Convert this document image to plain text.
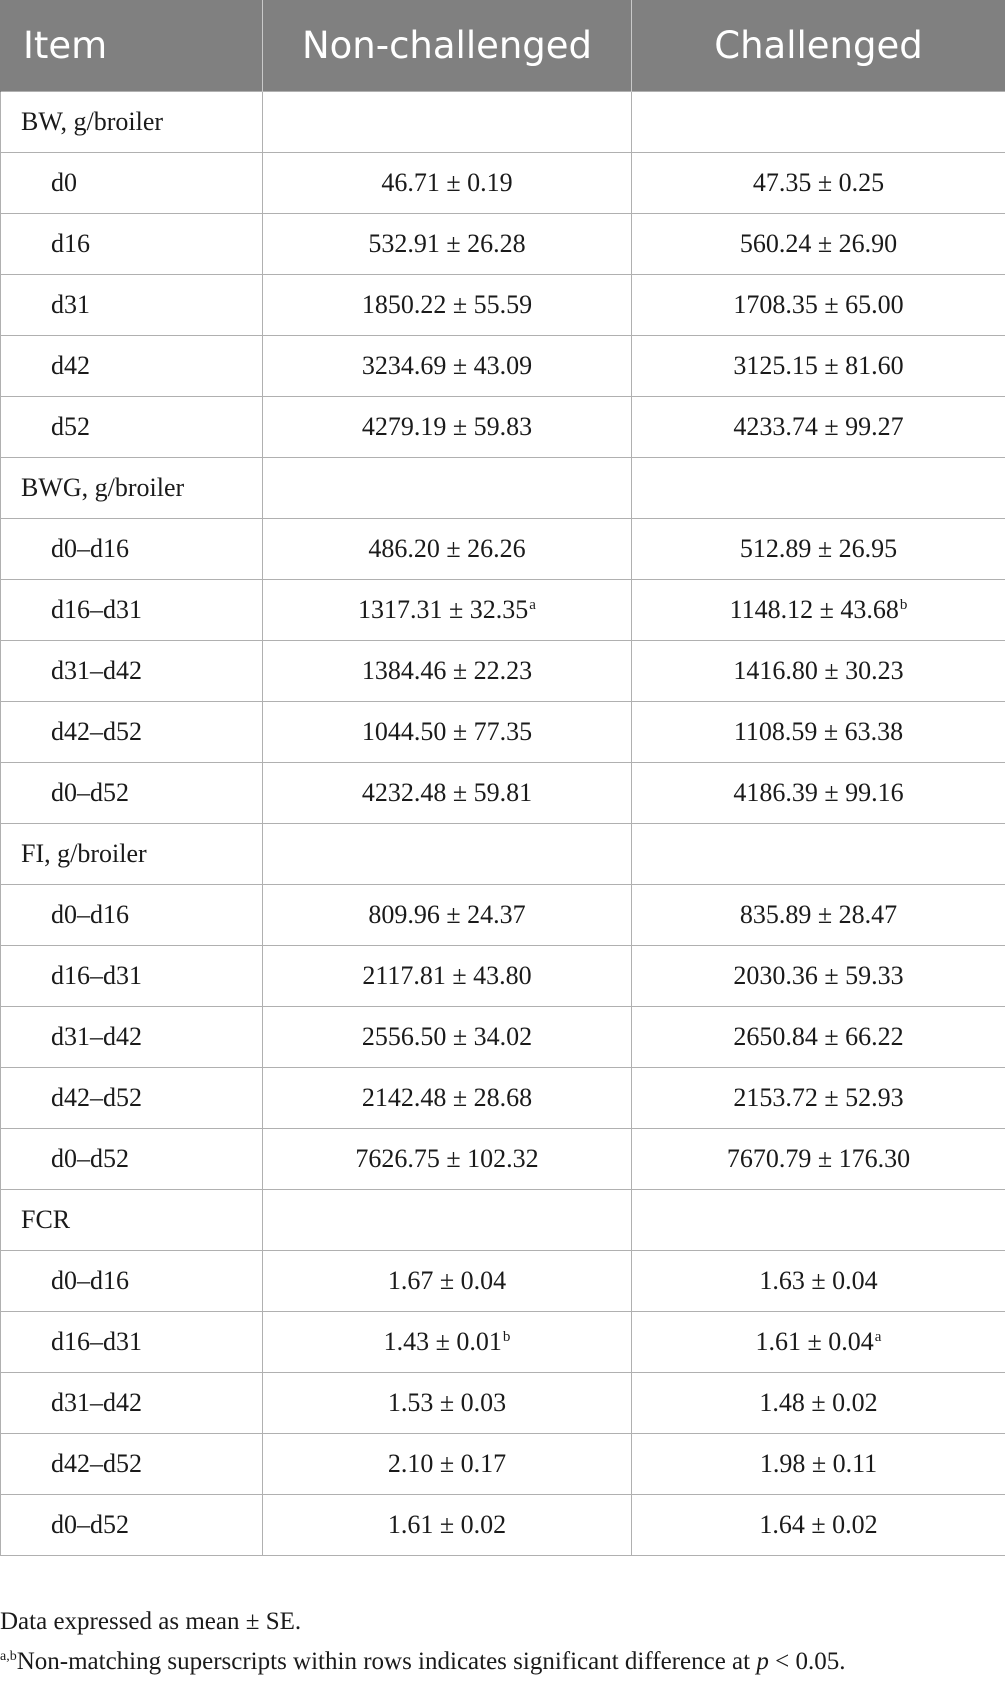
Item	Non-challenged	Challenged
BW, g/broiler		
d0	46.71 ± 0.19	47.35 ± 0.25
d16	532.91 ± 26.28	560.24 ± 26.90
d31	1850.22 ± 55.59	1708.35 ± 65.00
d42	3234.69 ± 43.09	3125.15 ± 81.60
d52	4279.19 ± 59.83	4233.74 ± 99.27
BWG, g/broiler		
d0–d16	486.20 ± 26.26	512.89 ± 26.95
d16–d31	1317.31 ± 32.35$^a$	1148.12 ± 43.68$^b$
d31–d42	1384.46 ± 22.23	1416.80 ± 30.23
d42–d52	1044.50 ± 77.35	1108.59 ± 63.38
d0–d52	4232.48 ± 59.81	4186.39 ± 99.16
FI, g/broiler		
d0–d16	809.96 ± 24.37	835.89 ± 28.47
d16–d31	2117.81 ± 43.80	2030.36 ± 59.33
d31–d42	2556.50 ± 34.02	2650.84 ± 66.22
d42–d52	2142.48 ± 28.68	2153.72 ± 52.93
d0–d52	7626.75 ± 102.32	7670.79 ± 176.30
FCR		
d0–d16	1.67 ± 0.04	1.63 ± 0.04
d16–d31	1.43 ± 0.01$^b$	1.61 ± 0.04$^a$
d31–d42	1.53 ± 0.03	1.48 ± 0.02
d42–d52	2.10 ± 0.17	1.98 ± 0.11
d0–d52	1.61 ± 0.02	1.64 ± 0.02

Data expressed as mean ± SE.

$^{a,b}$Non-matching superscripts within rows indicates significant difference at p < 0.05.
